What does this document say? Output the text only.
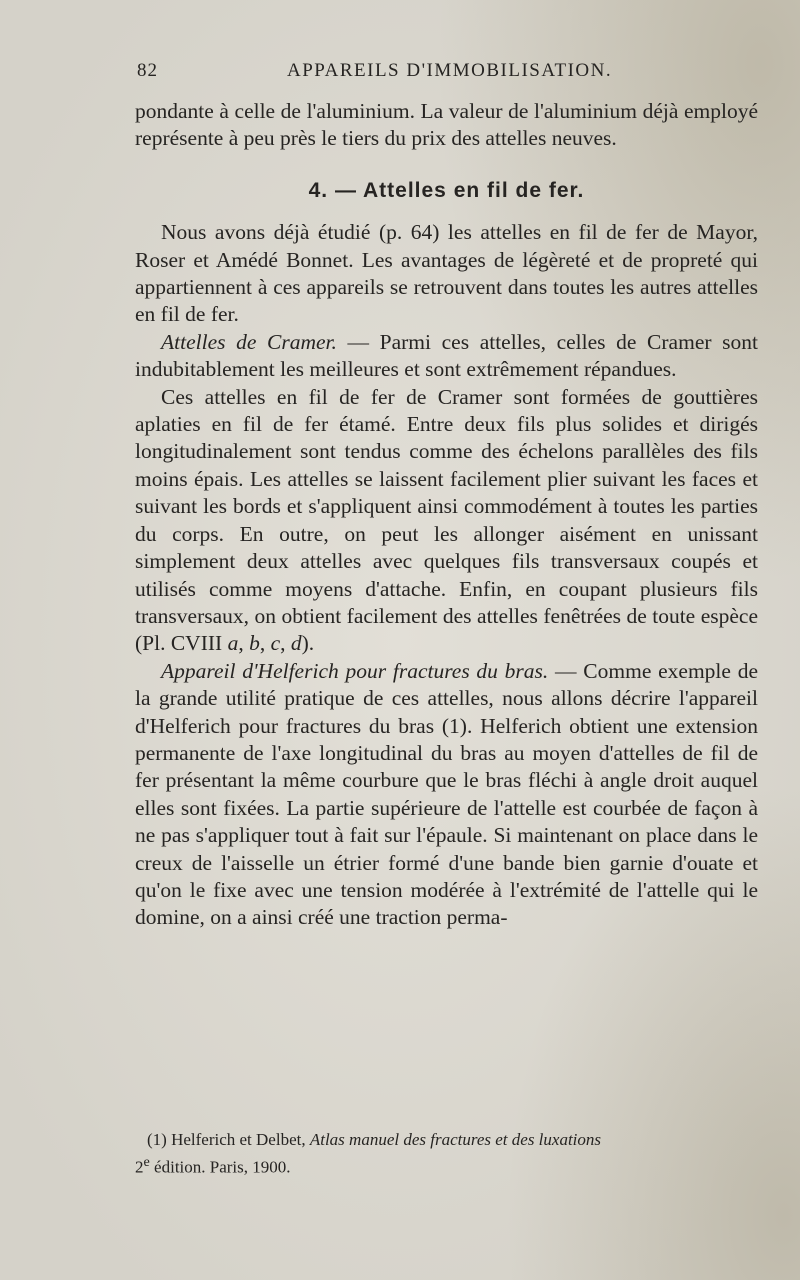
82	APPAREILS D'IMMOBILISATION.

pondante à celle de l'aluminium. La valeur de l'aluminium déjà employé représente à peu près le tiers du prix des attelles neuves.

4. — Attelles en fil de fer.

Nous avons déjà étudié (p. 64) les attelles en fil de fer de Mayor, Roser et Amédé Bonnet. Les avantages de légèreté et de propreté qui appartiennent à ces appareils se retrouvent dans toutes les autres attelles en fil de fer.

Attelles de Cramer. — Parmi ces attelles, celles de Cramer sont indubitablement les meilleures et sont extrêmement répandues.

Ces attelles en fil de fer de Cramer sont formées de gouttières aplaties en fil de fer étamé. Entre deux fils plus solides et dirigés longitudinalement sont tendus comme des échelons parallèles des fils moins épais. Les attelles se laissent facilement plier suivant les faces et suivant les bords et s'appliquent ainsi commodément à toutes les parties du corps. En outre, on peut les allonger aisément en unissant simplement deux attelles avec quelques fils transversaux coupés et utilisés comme moyens d'attache. Enfin, en coupant plusieurs fils transversaux, on obtient facilement des attelles fenêtrées de toute espèce (Pl. CVIII a, b, c, d).

Appareil d'Helferich pour fractures du bras. — Comme exemple de la grande utilité pratique de ces attelles, nous allons décrire l'appareil d'Helferich pour fractures du bras (1). Helferich obtient une extension permanente de l'axe longitudinal du bras au moyen d'attelles de fil de fer présentant la même courbure que le bras fléchi à angle droit auquel elles sont fixées. La partie supérieure de l'attelle est courbée de façon à ne pas s'appliquer tout à fait sur l'épaule. Si maintenant on place dans le creux de l'aisselle un étrier formé d'une bande bien garnie d'ouate et qu'on le fixe avec une tension modérée à l'extrémité de l'attelle qui le domine, on a ainsi créé une traction perma-

(1) Helferich et Delbet, Atlas manuel des fractures et des luxations
2e édition. Paris, 1900.
